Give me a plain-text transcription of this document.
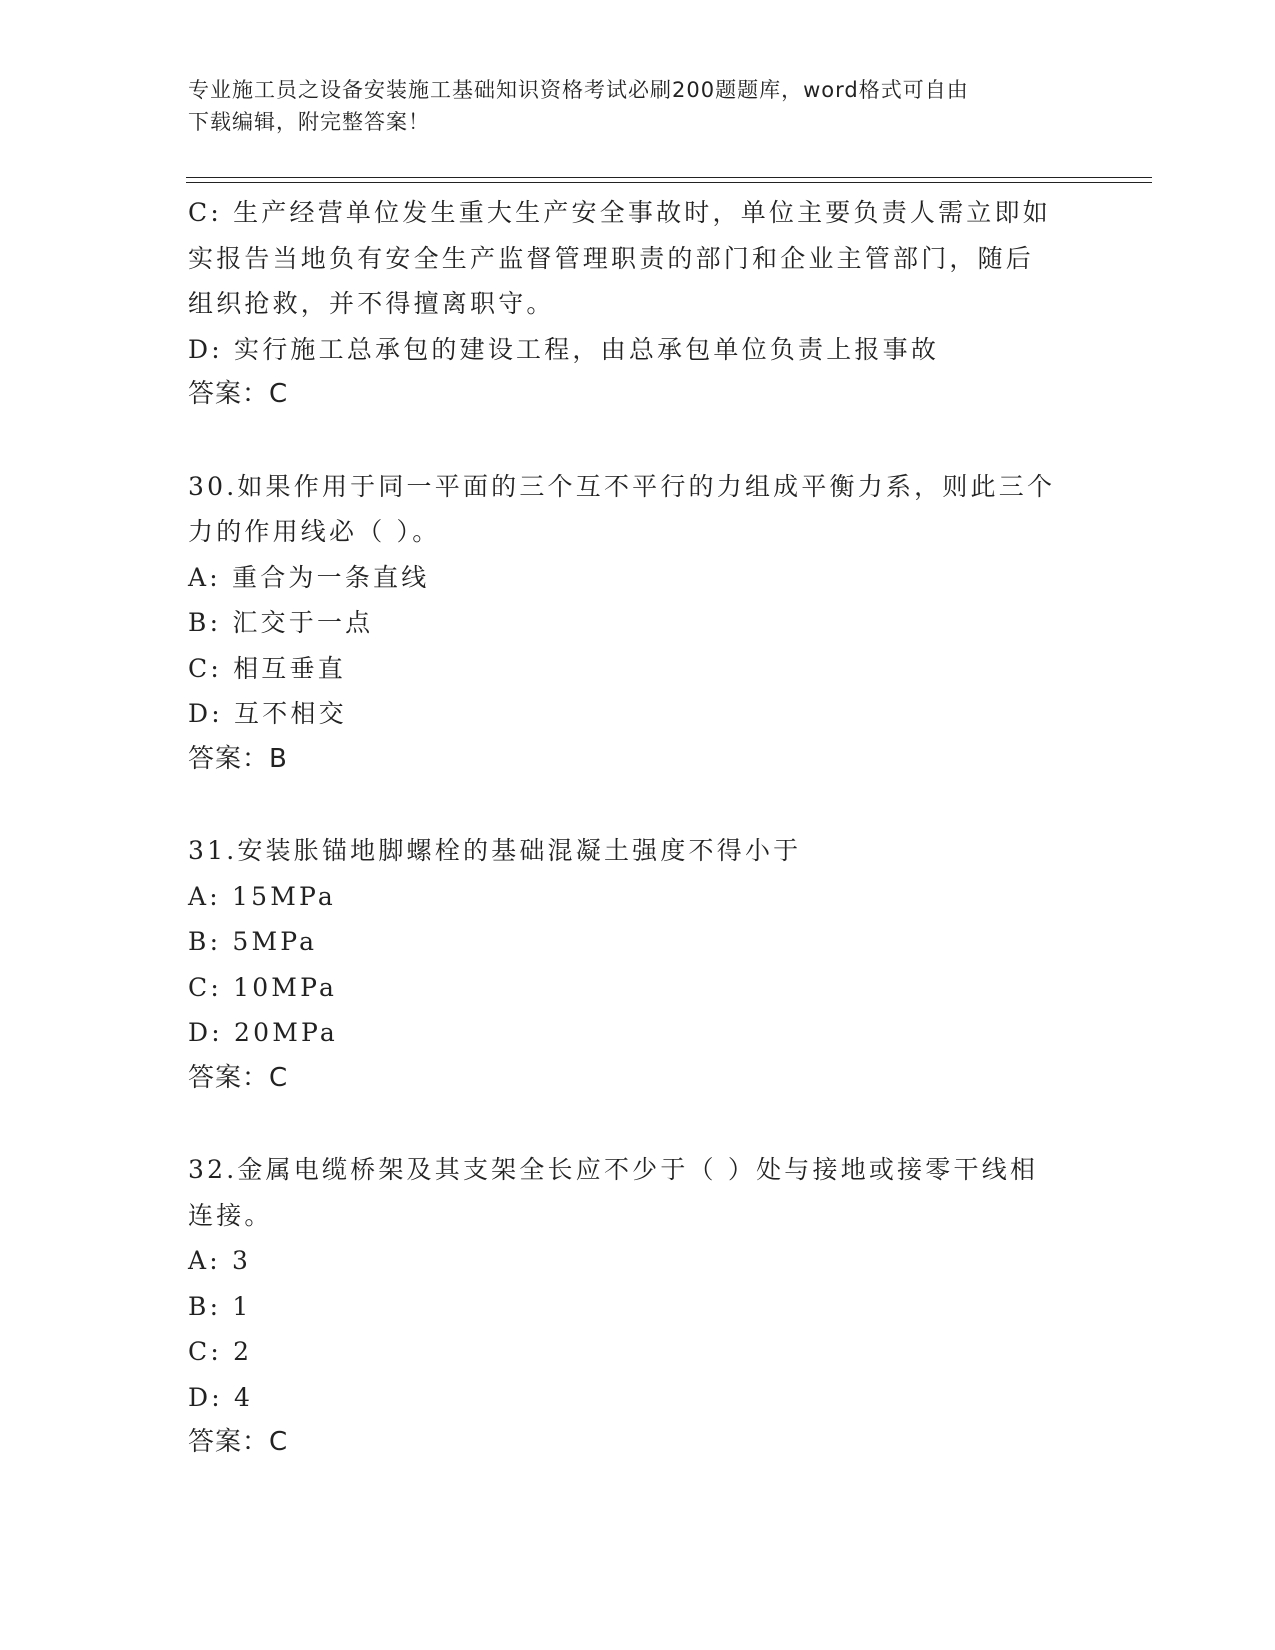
专业施工员之设备安装施工基础知识资格考试必刷200题题库，word格式可自由
下载编辑，附完整答案！
C: 生产经营单位发生重大生产安全事故时，单位主要负责人需立即如
实报告当地负有安全生产监督管理职责的部门和企业主管部门，随后
组织抢救，并不得擅离职守。
D: 实行施工总承包的建设工程，由总承包单位负责上报事故
答案：C
30.如果作用于同一平面的三个互不平行的力组成平衡力系，则此三个
力的作用线必（ ）。
A: 重合为一条直线
B: 汇交于一点
C: 相互垂直
D: 互不相交
答案：B
31.安装胀锚地脚螺栓的基础混凝土强度不得小于
A: 15MPa
B: 5MPa
C: 10MPa
D: 20MPa
答案：C
32.金属电缆桥架及其支架全长应不少于（ ）处与接地或接零干线相
连接。
A: 3
B: 1
C: 2
D: 4
答案：C
